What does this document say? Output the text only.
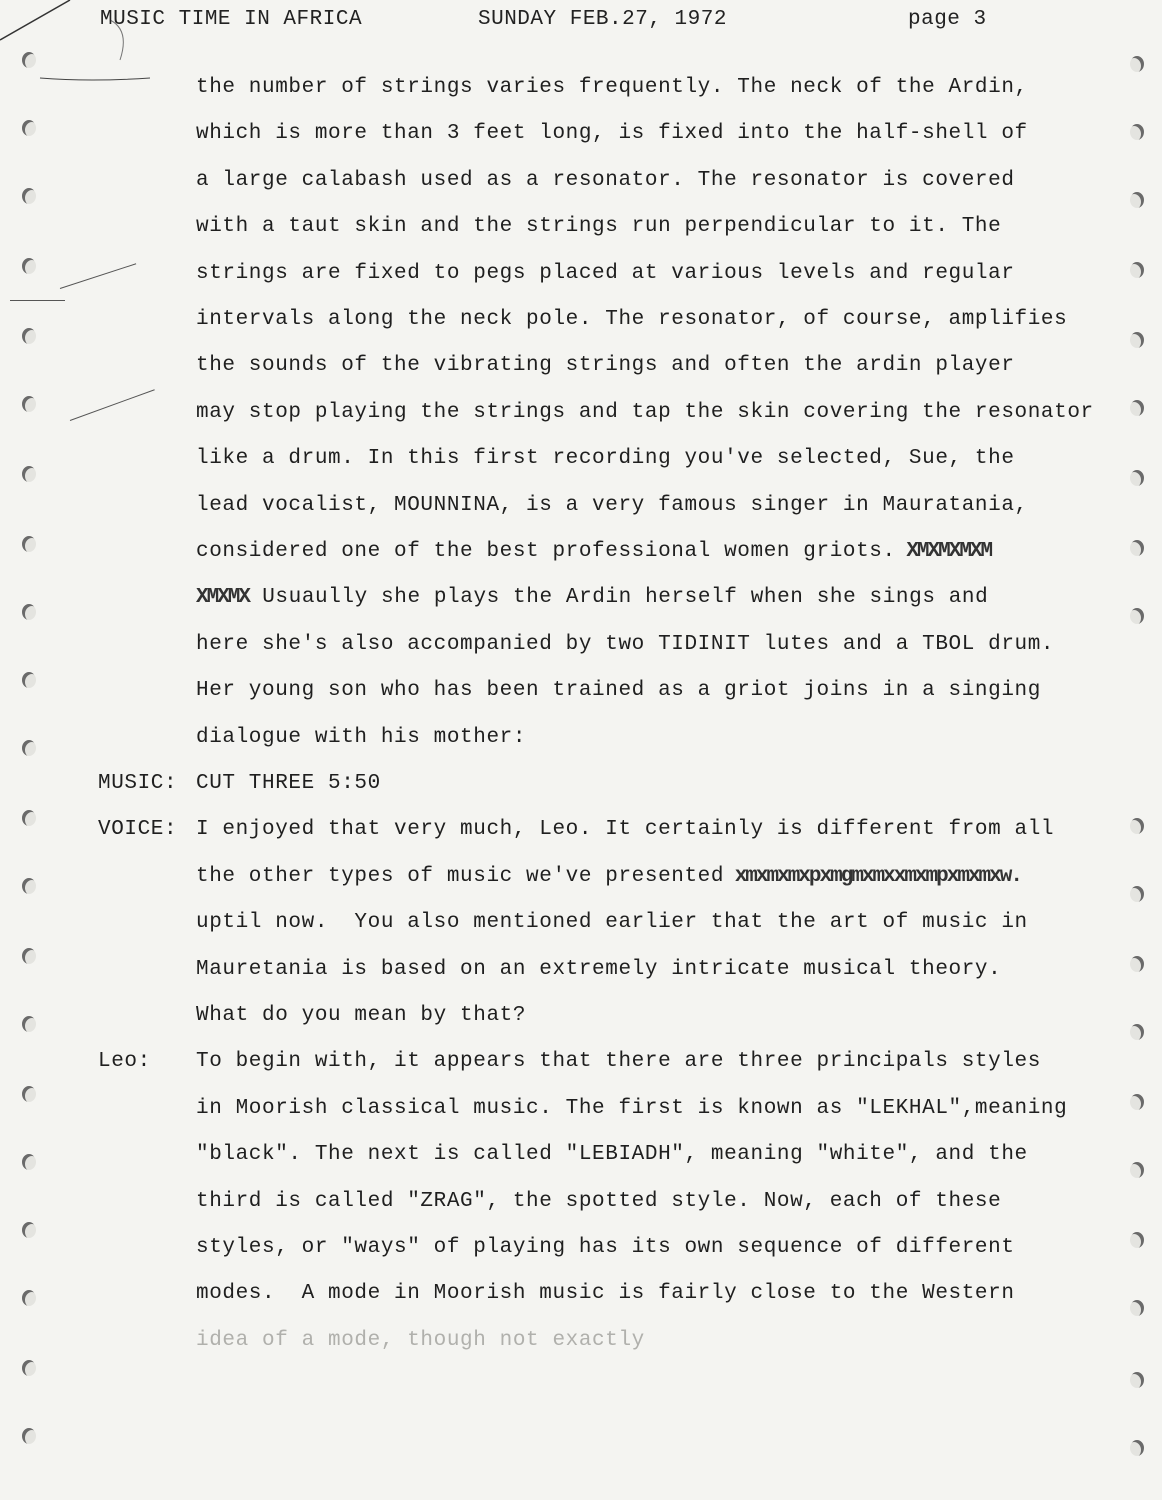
MUSIC TIME IN AFRICA	SUNDAY FEB.27, 1972	page 3
the number of strings varies frequently. The neck of the Ardin,
which is more than 3 feet long, is fixed into the half-shell of
a large calabash used as a resonator. The resonator is covered
with a taut skin and the strings run perpendicular to it. The
strings are fixed to pegs placed at various levels and regular
intervals along the neck pole. The resonator, of course, amplifies
the sounds of the vibrating strings and often the ardin player
may stop playing the strings and tap the skin covering the resonator
like a drum. In this first recording you've selected, Sue, the
lead vocalist, MOUNNINA, is a very famous singer in Mauratania,
considered one of the best professional women griots. XMXMXMXM
XMXMX Usuaully she plays the Ardin herself when she sings and
here she's also accompanied by two TIDINIT lutes and a TBOL drum.
Her young son who has been trained as a griot joins in a singing
dialogue with his mother:
MUSIC: CUT THREE 5:50
VOICE: I enjoyed that very much, Leo. It certainly is different from all
the other types of music we've presented xmxmxmxpxmgmxmxxmxmpxmxmxw.
uptil now.  You also mentioned earlier that the art of music in
Mauretania is based on an extremely intricate musical theory.
What do you mean by that?
Leo: To begin with, it appears that there are three principals styles
in Moorish classical music. The first is known as "LEKHAL",meaning
"black". The next is called "LEBIADH", meaning "white", and the
third is called "ZRAG", the spotted style. Now, each of these
styles, or "ways" of playing has its own sequence of different
modes.  A mode in Moorish music is fairly close to the Western
idea of a mode, though not exactly
